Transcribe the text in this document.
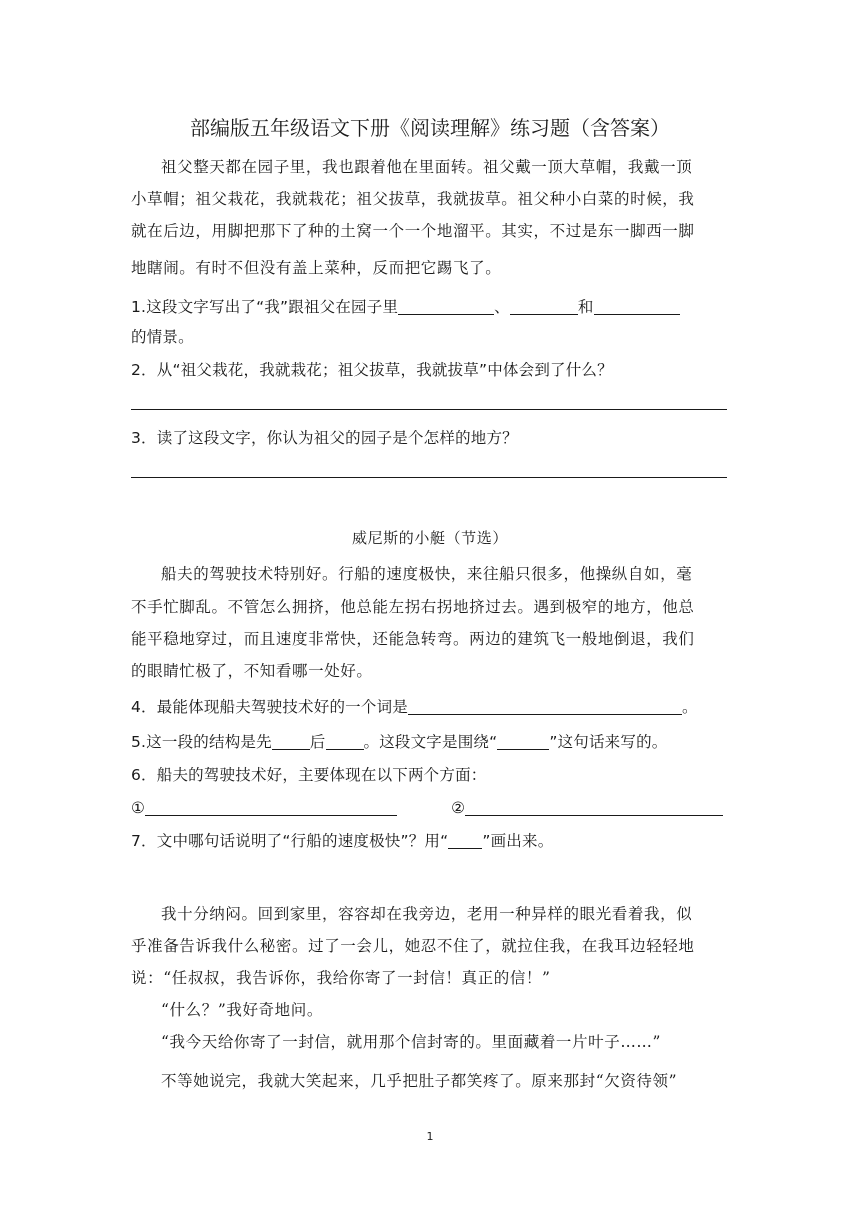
部编版五年级语文下册《阅读理解》练习题（含答案）
祖父整天都在园子里，我也跟着他在里面转。祖父戴一顶大草帽，我戴一顶
小草帽；祖父栽花，我就栽花；祖父拔草，我就拔草。祖父种小白菜的时候，我
就在后边，用脚把那下了种的土窝一个一个地溜平。其实，不过是东一脚西一脚
地瞎闹。有时不但没有盖上菜种，反而把它踢飞了。
1.这段文字写出了“我”跟祖父在园子里	、	和
的情景。
2．从“祖父栽花，我就栽花；祖父拔草，我就拔草”中体会到了什么？
3．读了这段文字，你认为祖父的园子是个怎样的地方？
威尼斯的小艇（节选）
船夫的驾驶技术特别好。行船的速度极快，来往船只很多，他操纵自如，毫
不手忙脚乱。不管怎么拥挤，他总能左拐右拐地挤过去。遇到极窄的地方，他总
能平稳地穿过，而且速度非常快，还能急转弯。两边的建筑飞一般地倒退，我们
的眼睛忙极了，不知看哪一处好。
4．最能体现船夫驾驶技术好的一个词是	。
5.这一段的结构是先 后 。这段文字是围绕“	”这句话来写的。
6．船夫的驾驶技术好，主要体现在以下两个方面：
①	②
7．文中哪句话说明了“行船的速度极快”？用“ ”画出来。
我十分纳闷。回到家里，容容却在我旁边，老用一种异样的眼光看着我，似
乎准备告诉我什么秘密。过了一会儿，她忍不住了，就拉住我，在我耳边轻轻地
说：“任叔叔，我告诉你，我给你寄了一封信！真正的信！”
“什么？”我好奇地问。
“我今天给你寄了一封信，就用那个信封寄的。里面藏着一片叶子……”
不等她说完，我就大笑起来，几乎把肚子都笑疼了。原来那封“欠资待领”
1
